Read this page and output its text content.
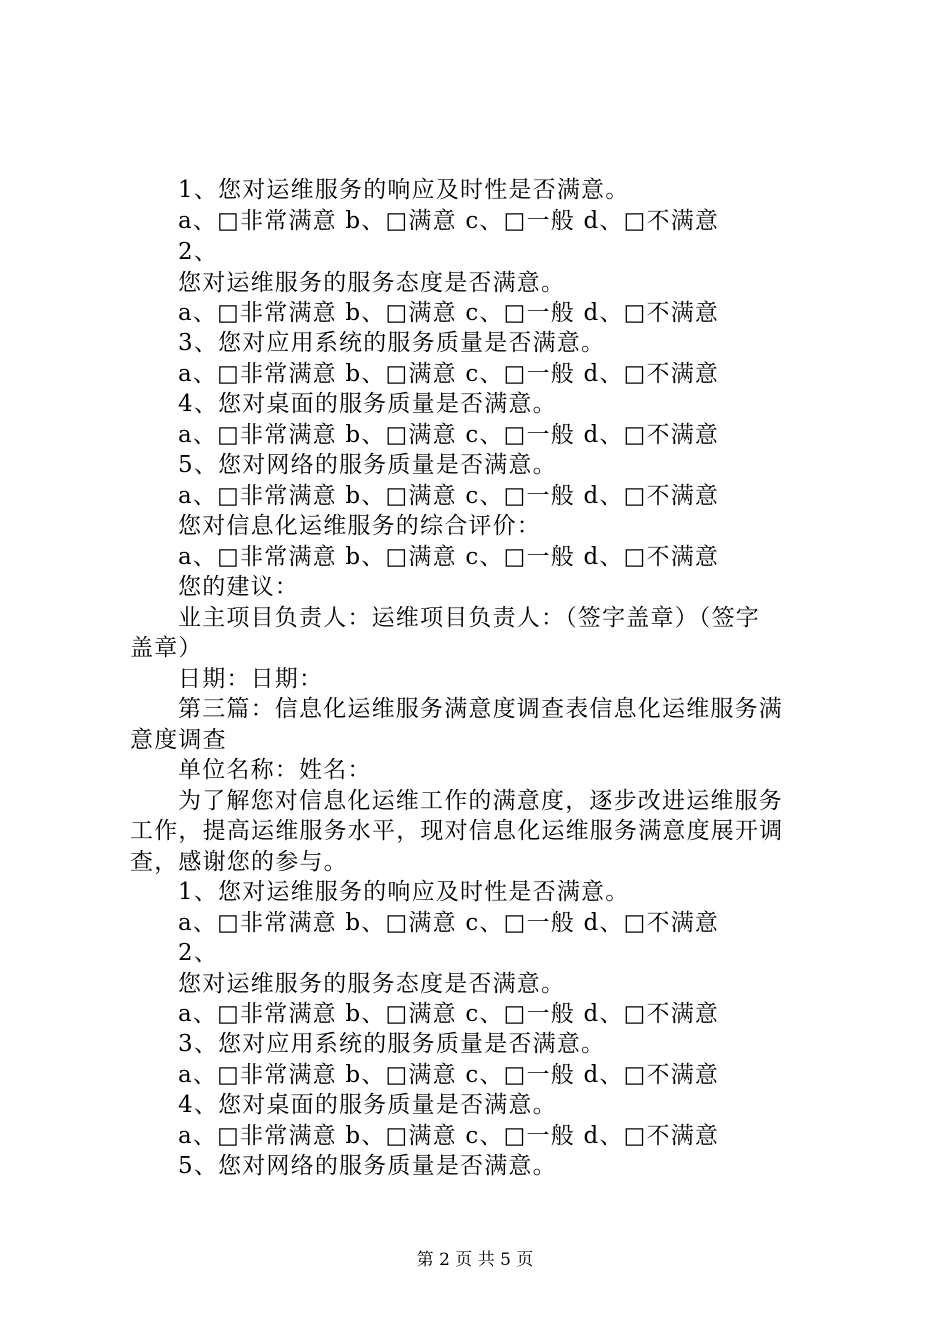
1、您对运维服务的响应及时性是否满意。
a、□非常满意 b、□满意 c、□一般 d、□不满意
2、
您对运维服务的服务态度是否满意。
a、□非常满意 b、□满意 c、□一般 d、□不满意
3、您对应用系统的服务质量是否满意。
a、□非常满意 b、□满意 c、□一般 d、□不满意
4、您对桌面的服务质量是否满意。
a、□非常满意 b、□满意 c、□一般 d、□不满意
5、您对网络的服务质量是否满意。
a、□非常满意 b、□满意 c、□一般 d、□不满意
您对信息化运维服务的综合评价：
a、□非常满意 b、□满意 c、□一般 d、□不满意
您的建议：
业主项目负责人：运维项目负责人：（签字盖章）（签字
盖章）
日期：日期：
第三篇：信息化运维服务满意度调查表信息化运维服务满
意度调查
单位名称：姓名：
为了解您对信息化运维工作的满意度，逐步改进运维服务
工作，提高运维服务水平，现对信息化运维服务满意度展开调
查，感谢您的参与。
1、您对运维服务的响应及时性是否满意。
a、□非常满意 b、□满意 c、□一般 d、□不满意
2、
您对运维服务的服务态度是否满意。
a、□非常满意 b、□满意 c、□一般 d、□不满意
3、您对应用系统的服务质量是否满意。
a、□非常满意 b、□满意 c、□一般 d、□不满意
4、您对桌面的服务质量是否满意。
a、□非常满意 b、□满意 c、□一般 d、□不满意
5、您对网络的服务质量是否满意。
第 2 页 共 5 页
